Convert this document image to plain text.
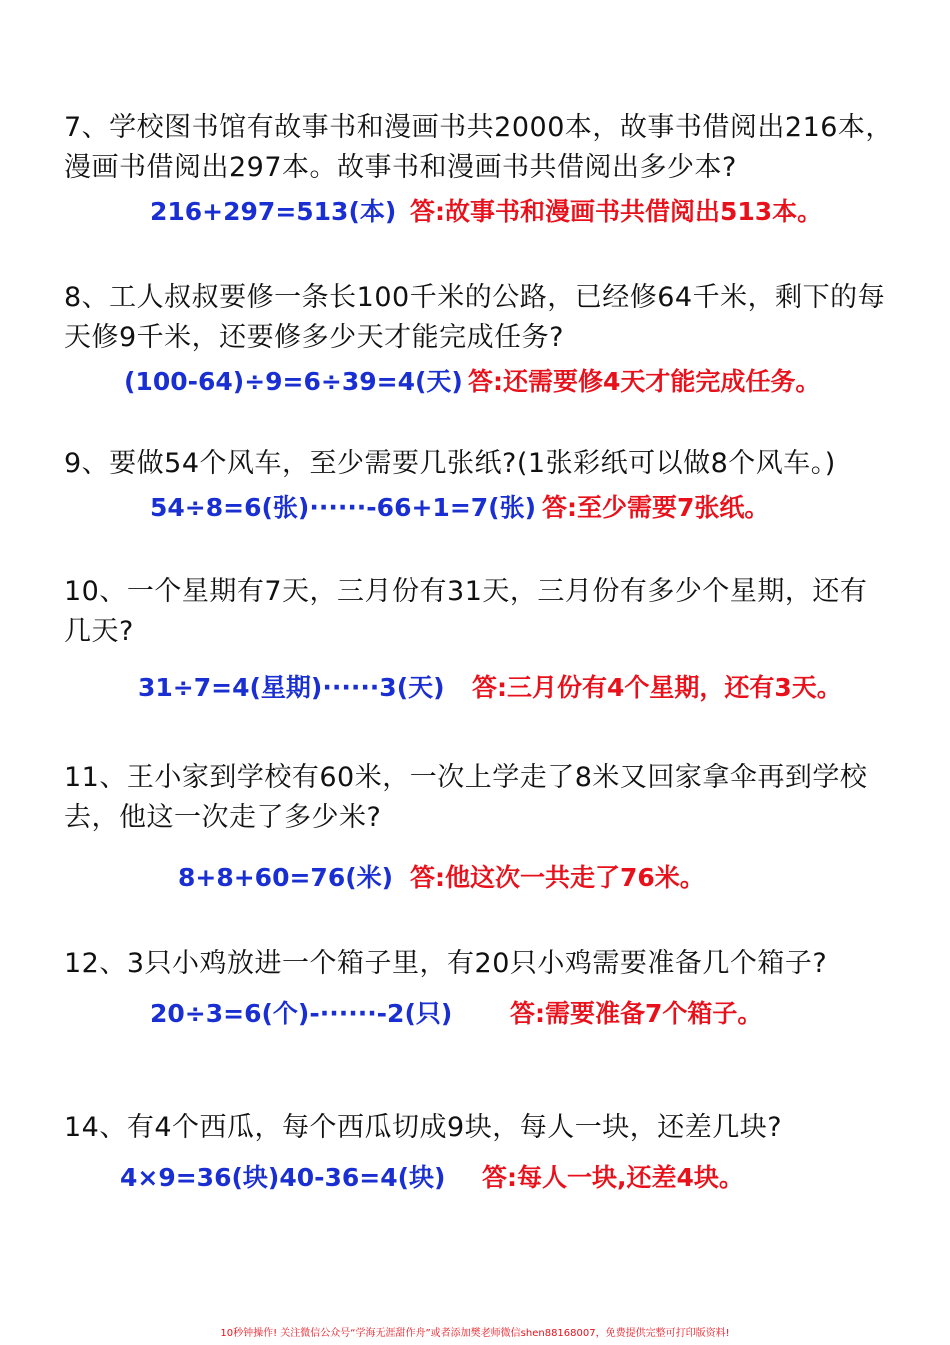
7、学校图书馆有故事书和漫画书共2000本，故事书借阅出216本，漫画书借阅出297本。故事书和漫画书共借阅出多少本?

216+297=513(本) 答:故事书和漫画书共借阅出513本。

8、工人叔叔要修一条长100千米的公路，已经修64千米，剩下的每天修9千米，还要修多少天才能完成任务?

(100-64)÷9=6÷39=4(天) 答:还需要修4天才能完成任务。

9、要做54个风车，至少需要几张纸?(1张彩纸可以做8个风车。)

54÷8=6(张)······-66+1=7(张) 答:至少需要7张纸。

10、一个星期有7天，三月份有31天，三月份有多少个星期，还有几天?

31÷7=4(星期)······3(天) 答:三月份有4个星期，还有3天。

11、王小家到学校有60米，一次上学走了8米又回家拿伞再到学校去，他这一次走了多少米?

8+8+60=76(米) 答:他这次一共走了76米。

12、3只小鸡放进一个箱子里，有20只小鸡需要准备几个箱子?

20÷3=6(个)-······-2(只) 答:需要准备7个箱子。

14、有4个西瓜，每个西瓜切成9块，每人一块，还差几块?

4×9=36(块)40-36=4(块) 答:每人一块,还差4块。
10秒钟操作! 关注微信公众号“学海无涯甜作舟”或者添加樊老师微信shen88168007，免费提供完整可打印版资料!
